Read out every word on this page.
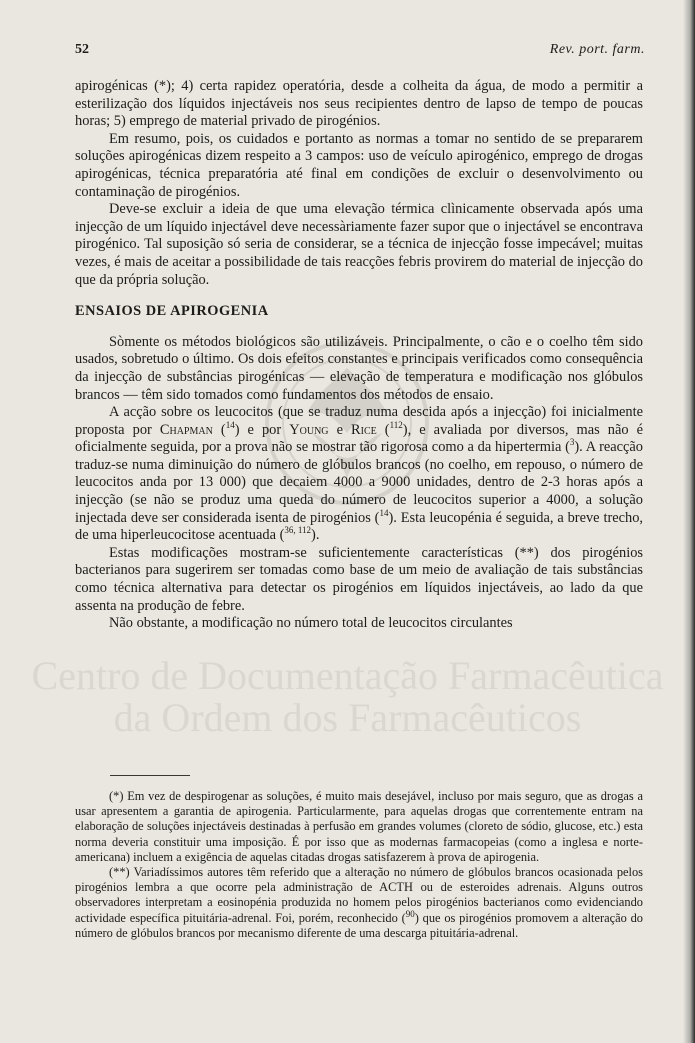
Centro de Documentação Farmacêutica
da Ordem dos Farmacêuticos
52	Rev. port. farm.

apirogénicas (*); 4) certa rapidez operatória, desde a colheita da água, de modo a permitir a esterilização dos líquidos injectáveis nos seus recipientes dentro de lapso de tempo de poucas horas; 5) emprego de material privado de pirogénios.

Em resumo, pois, os cuidados e portanto as normas a tomar no sentido de se prepararem soluções apirogénicas dizem respeito a 3 campos: uso de veículo apirogénico, emprego de drogas apirogénicas, técnica preparatória até final em condições de excluir o desenvolvimento ou contaminação de pirogénios.

Deve-se excluir a ideia de que uma elevação térmica clìnicamente observada após uma injecção de um líquido injectável deve necessàriamente fazer supor que o injectável se encontrava pirogénico. Tal suposição só seria de considerar, se a técnica de injecção fosse impecável; muitas vezes, é mais de aceitar a possibilidade de tais reacções febris provirem do material de injecção do que da própria solução.

ENSAIOS DE APIROGENIA

Sòmente os métodos biológicos são utilizáveis. Principalmente, o cão e o coelho têm sido usados, sobretudo o último. Os dois efeitos constantes e principais verificados como consequência da injecção de substâncias pirogénicas — elevação de temperatura e modificação nos glóbulos brancos — têm sido tomados como fundamentos dos métodos de ensaio.

A acção sobre os leucocitos (que se traduz numa descida após a injecção) foi inicialmente proposta por Chapman ($^{14}$) e por Young e Rice ($^{112}$), e avaliada por diversos, mas não é oficialmente seguida, por a prova não se mostrar tão rigorosa como a da hipertermia ($^3$). A reacção traduz-se numa diminuição do número de glóbulos brancos (no coelho, em repouso, o número de leucocitos anda por 13 000) que decaiem 4000 a 9000 unidades, dentro de 2-3 horas após a injecção (se não se produz uma queda do número de leucocitos superior a 4000, a solução injectada deve ser considerada isenta de pirogénios ($^{14}$). Esta leucopénia é seguida, a breve trecho, de uma hiperleucocitose acentuada ($^{36, 112}$).

Estas modificações mostram-se suficientemente características (**) dos pirogénios bacterianos para sugerirem ser tomadas como base de um meio de avaliação de tais substâncias como técnica alternativa para detectar os pirogénios em líquidos injectáveis, ao lado da que assenta na produção de febre.

Não obstante, a modificação no número total de leucocitos circulantes

(*) Em vez de despirogenar as soluções, é muito mais desejável, incluso por mais seguro, que as drogas a usar apresentem a garantia de apirogenia. Particularmente, para aquelas drogas que correntemente entram na elaboração de soluções injectáveis destinadas à perfusão em grandes volumes (cloreto de sódio, glucose, etc.) esta norma deveria constituir uma imposição. É por isso que as modernas farmacopeias (como a inglesa e norte-americana) incluem a exigência de aquelas citadas drogas satisfazerem à prova de apirogenia.

(**) Variadíssimos autores têm referido que a alteração no número de glóbulos brancos ocasionada pelos pirogénios lembra a que ocorre pela administração de ACTH ou de esteroides adrenais. Alguns outros observadores interpretam a eosinopénia produzida no homem pelos pirogénios bacterianos como evidenciando actividade específica pituitária-adrenal. Foi, porém, reconhecido ($^{90}$) que os pirogénios promovem a alteração do número de glóbulos brancos por mecanismo diferente de uma descarga pituitária-adrenal.
